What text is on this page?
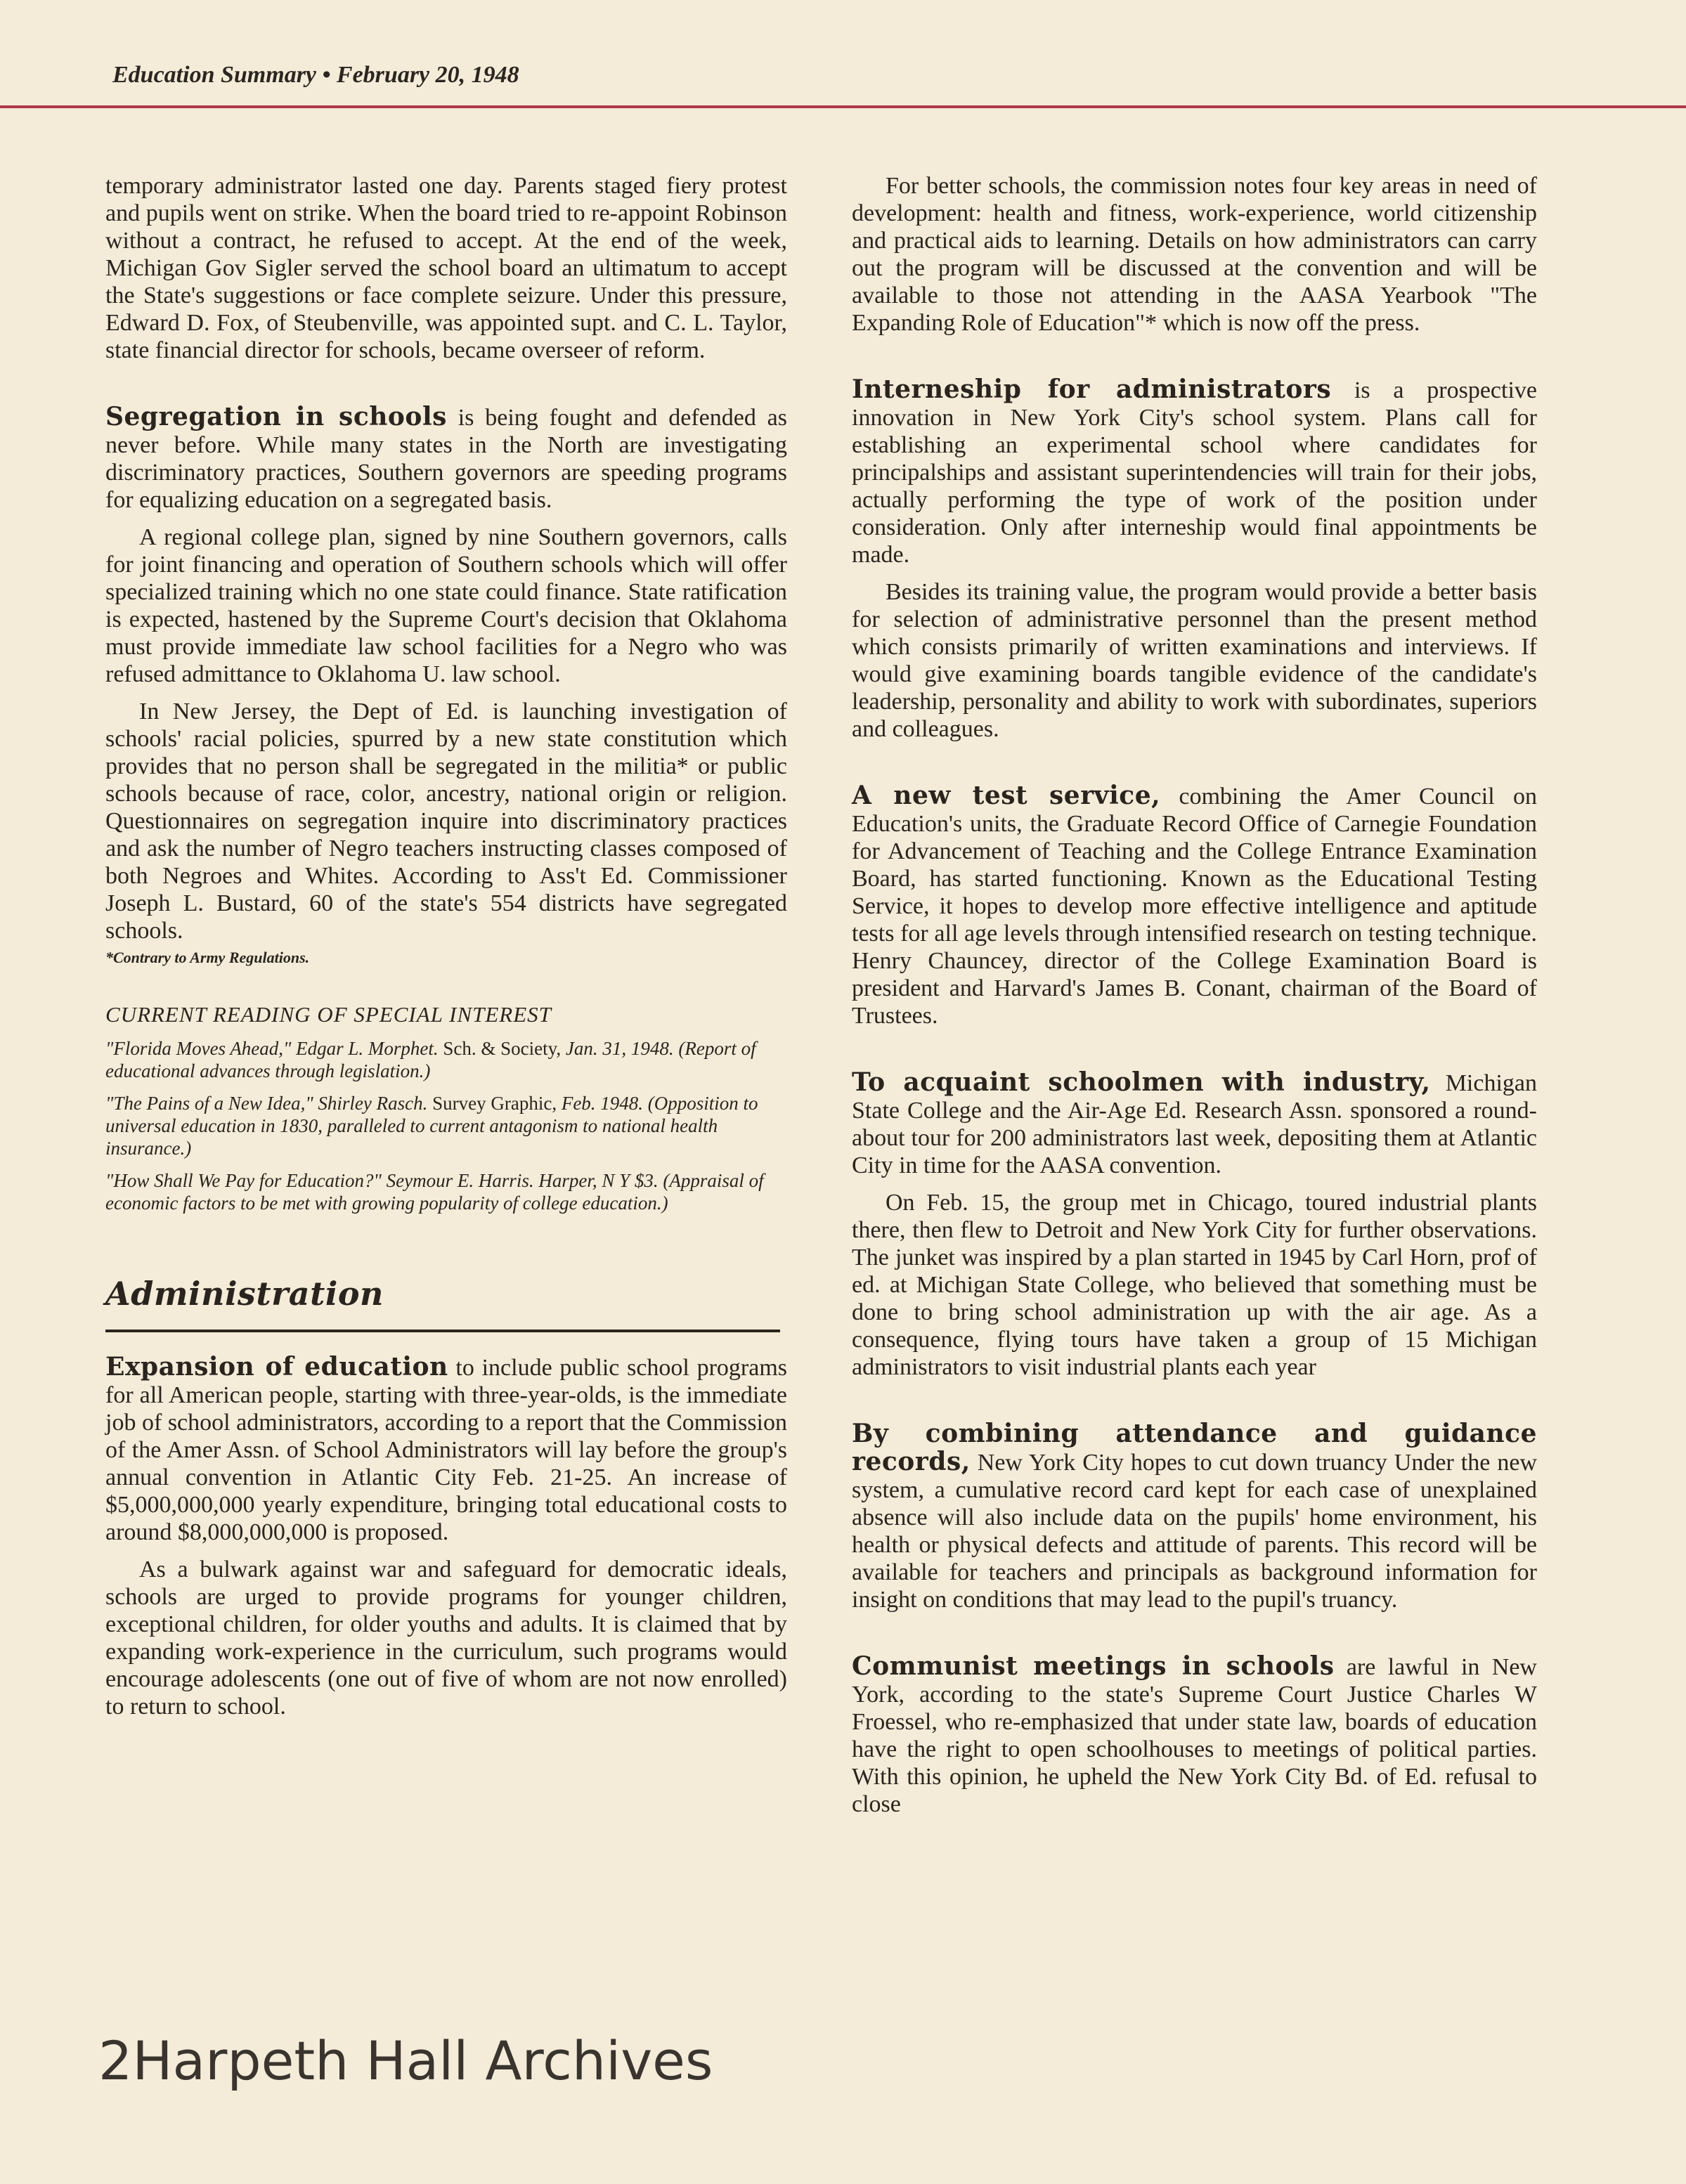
Education Summary • February 20, 1948

temporary administrator lasted one day. Parents staged fiery protest and pupils went on strike. When the board tried to re-appoint Robinson without a contract, he refused to accept. At the end of the week, Michigan Gov Sigler served the school board an ultimatum to accept the State's suggestions or face complete seizure. Under this pressure, Edward D. Fox, of Steubenville, was appointed supt. and C. L. Taylor, state financial director for schools, became overseer of reform.

Segregation in schools is being fought and defended as never before. While many states in the North are investigating discriminatory practices, Southern governors are speeding programs for equalizing education on a segregated basis.

A regional college plan, signed by nine Southern governors, calls for joint financing and operation of Southern schools which will offer specialized training which no one state could finance. State ratification is expected, hastened by the Supreme Court's decision that Oklahoma must provide immediate law school facilities for a Negro who was refused admittance to Oklahoma U. law school.

In New Jersey, the Dept of Ed. is launching investigation of schools' racial policies, spurred by a new state constitution which provides that no person shall be segregated in the militia* or public schools because of race, color, ancestry, national origin or religion. Questionnaires on segregation inquire into discriminatory practices and ask the number of Negro teachers instructing classes composed of both Negroes and Whites. According to Ass't Ed. Commissioner Joseph L. Bustard, 60 of the state's 554 districts have segregated schools.

*Contrary to Army Regulations.
CURRENT READING OF SPECIAL INTEREST
"Florida Moves Ahead," Edgar L. Morphet. Sch. & Society, Jan. 31, 1948. (Report of educational advances through legislation.)
"The Pains of a New Idea," Shirley Rasch. Survey Graphic, Feb. 1948. (Opposition to universal education in 1830, paralleled to current antagonism to national health insurance.)
"How Shall We Pay for Education?" Seymour E. Harris. Harper, N Y $3. (Appraisal of economic factors to be met with growing popularity of college education.)
Administration

Expansion of education to include public school programs for all American people, starting with three-year-olds, is the immediate job of school administrators, according to a report that the Commission of the Amer Assn. of School Administrators will lay before the group's annual convention in Atlantic City Feb. 21-25. An increase of $5,000,000,000 yearly expenditure, bringing total educational costs to around $8,000,000,000 is proposed.

As a bulwark against war and safeguard for democratic ideals, schools are urged to provide programs for younger children, exceptional children, for older youths and adults. It is claimed that by expanding work-experience in the curriculum, such programs would encourage adolescents (one out of five of whom are not now enrolled) to return to school.

For better schools, the commission notes four key areas in need of development: health and fitness, work-experience, world citizenship and practical aids to learning. Details on how administrators can carry out the program will be discussed at the convention and will be available to those not attending in the AASA Yearbook "The Expanding Role of Education"* which is now off the press.

Interneship for administrators is a prospective innovation in New York City's school system. Plans call for establishing an experimental school where candidates for principalships and assistant superintendencies will train for their jobs, actually performing the type of work of the position under consideration. Only after interneship would final appointments be made.

Besides its training value, the program would provide a better basis for selection of administrative personnel than the present method which consists primarily of written examinations and interviews. If would give examining boards tangible evidence of the candidate's leadership, personality and ability to work with subordinates, superiors and colleagues.

A new test service, combining the Amer Council on Education's units, the Graduate Record Office of Carnegie Foundation for Advancement of Teaching and the College Entrance Examination Board, has started functioning. Known as the Educational Testing Service, it hopes to develop more effective intelligence and aptitude tests for all age levels through intensified research on testing technique. Henry Chauncey, director of the College Examination Board is president and Harvard's James B. Conant, chairman of the Board of Trustees.

To acquaint schoolmen with industry, Michigan State College and the Air-Age Ed. Research Assn. sponsored a round-about tour for 200 administrators last week, depositing them at Atlantic City in time for the AASA convention.

On Feb. 15, the group met in Chicago, toured industrial plants there, then flew to Detroit and New York City for further observations. The junket was inspired by a plan started in 1945 by Carl Horn, prof of ed. at Michigan State College, who believed that something must be done to bring school administration up with the air age. As a consequence, flying tours have taken a group of 15 Michigan administrators to visit industrial plants each year

By combining attendance and guidance records, New York City hopes to cut down truancy Under the new system, a cumulative record card kept for each case of unexplained absence will also include data on the pupils' home environment, his health or physical defects and attitude of parents. This record will be available for teachers and principals as background information for insight on conditions that may lead to the pupil's truancy.

Communist meetings in schools are lawful in New York, according to the state's Supreme Court Justice Charles W Froessel, who re-emphasized that under state law, boards of education have the right to open schoolhouses to meetings of political parties. With this opinion, he upheld the New York City Bd. of Ed. refusal to close

2Harpeth Hall Archives
